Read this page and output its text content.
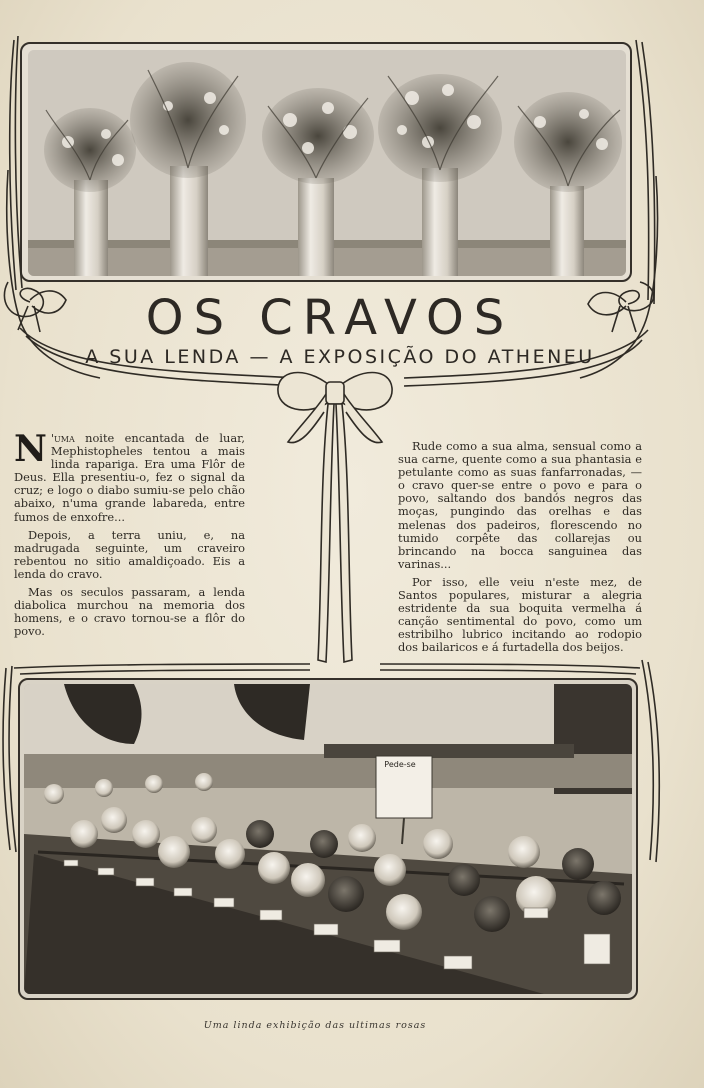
OS CRAVOS
A SUA LENDA — A EXPOSIÇÃO DO ATHENEU

N 'uma noite encantada de luar, Mephistopheles tentou a mais linda rapariga. Era uma Flôr de Deus. Ella presentiu-o, fez o signal da cruz; e logo o diabo sumiu-se pelo chão abaixo, n'uma grande labareda, entre fumos de enxofre...

Depois, a terra uniu, e, na madrugada seguinte, um craveiro rebentou no sitio amaldiçoado. Eis a lenda do cravo.

Mas os seculos passaram, a lenda diabolica murchou na memoria dos homens, e o cravo tornou-se a flôr do povo.

Rude como a sua alma, sensual como a sua carne, quente como a sua phantasia e petulante como as suas fanfarronadas, — o cravo quer-se entre o povo e para o povo, saltando dos bandós negros das moças, pungindo das orelhas e das melenas dos padeiros, florescendo no tumido corpête das collarejas ou brincando na bocca sanguinea das varinas...

Por isso, elle veiu n'este mez, de Santos populares, misturar a alegria estridente da sua boquita vermelha á canção sentimental do povo, como um estribilho lubrico incitando ao rodopio dos bailaricos e á furtadella dos beijos.

Pede-se
Uma linda exhibição das ultimas rosas
